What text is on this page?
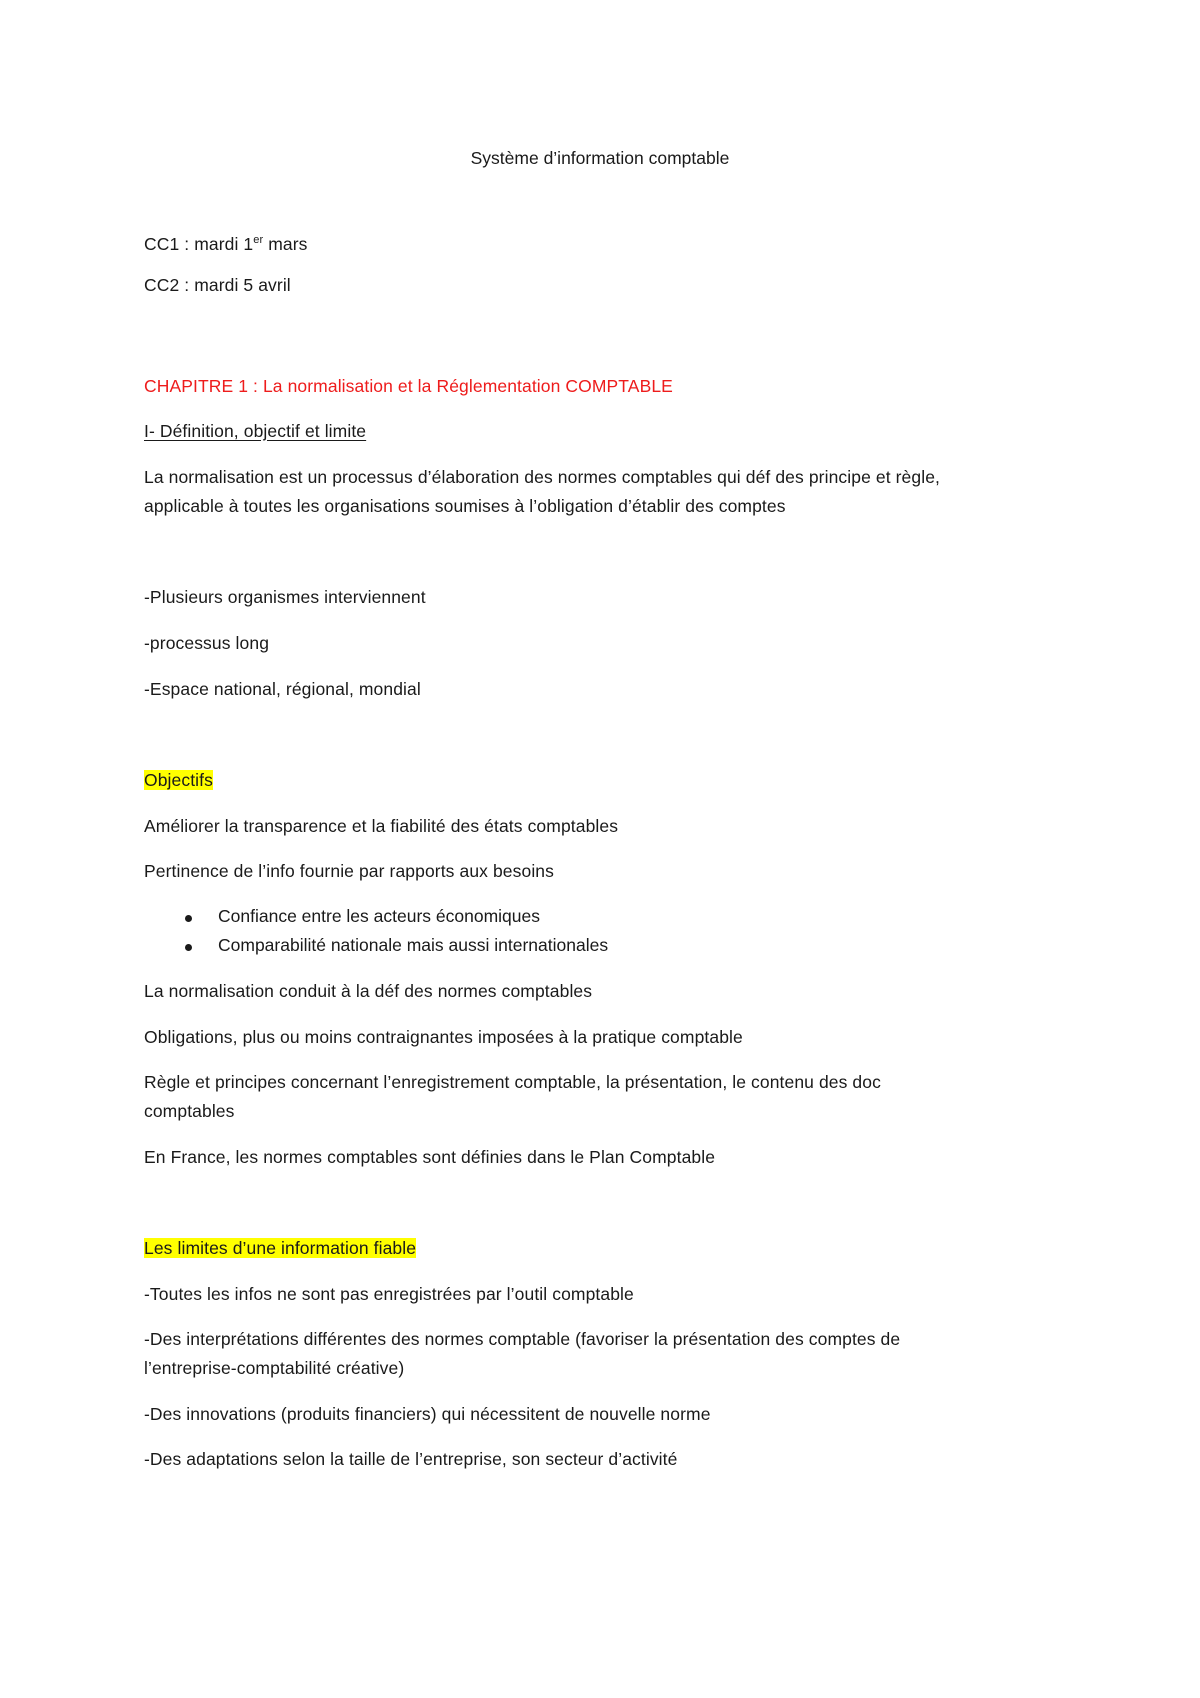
Système d’information comptable
CC1 : mardi 1er mars
CC2 : mardi 5 avril
CHAPITRE 1 : La normalisation et la Réglementation COMPTABLE
I- Définition, objectif et limite
La normalisation est un processus d’élaboration des normes comptables qui déf des principe et règle,
applicable à toutes les organisations soumises à l’obligation d’établir des comptes
-Plusieurs organismes interviennent
-processus long
-Espace national, régional, mondial
Objectifs
Améliorer la transparence et la fiabilité des états comptables
Pertinence de l’info fournie par rapports aux besoins
Confiance entre les acteurs économiques
Comparabilité nationale mais aussi internationales
La normalisation conduit à la déf des normes comptables
Obligations, plus ou moins contraignantes imposées à la pratique comptable
Règle et principes concernant l’enregistrement comptable, la présentation, le contenu des doc
comptables
En France, les normes comptables sont définies dans le Plan Comptable
Les limites d’une information fiable
-Toutes les infos ne sont pas enregistrées par l’outil comptable
-Des interprétations différentes des normes comptable (favoriser la présentation des comptes de
l’entreprise-comptabilité créative)
-Des innovations (produits financiers) qui nécessitent de nouvelle norme
-Des adaptations selon la taille de l’entreprise, son secteur d’activité
